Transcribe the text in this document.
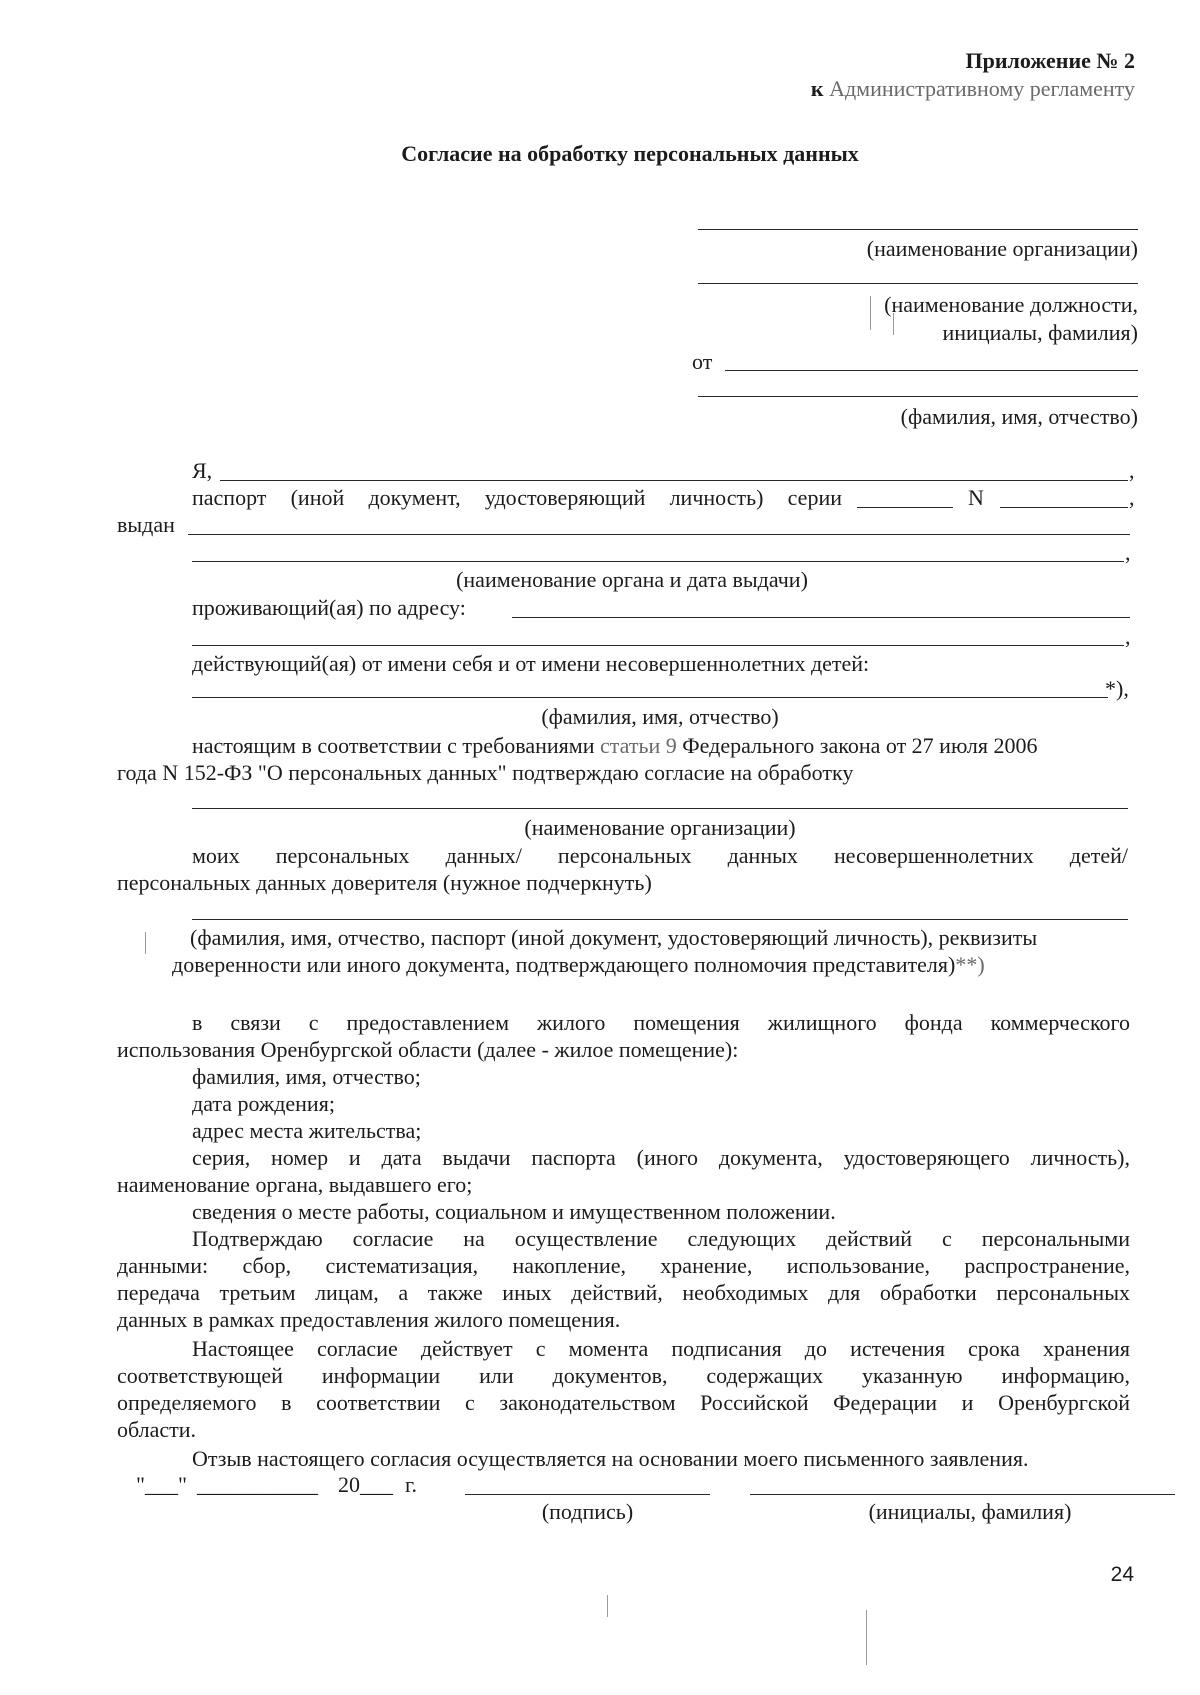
Приложение № 2
к Административному регламенту
Согласие на обработку персональных данных
(наименование организации)
(наименование должности,
инициалы, фамилия)
от
(фамилия, имя, отчество)
Я,	,
паспорт (иной документ, удостоверяющий личность) серии	N	,
выдан
,
(наименование органа и дата выдачи)
проживающий(ая) по адресу:
,
действующий(ая) от имени себя и от имени несовершеннолетних детей:
*),
(фамилия, имя, отчество)
настоящим в соответствии с требованиями статьи 9 Федерального закона от 27 июля 2006
года N 152-ФЗ "О персональных данных" подтверждаю согласие на обработку
(наименование организации)
моих персональных данных/ персональных данных несовершеннолетних детей/
персональных данных доверителя (нужное подчеркнуть)
(фамилия, имя, отчество, паспорт (иной документ, удостоверяющий личность), реквизиты
доверенности или иного документа, подтверждающего полномочия представителя)**)
в связи с предоставлением жилого помещения жилищного фонда коммерческого
использования Оренбургской области (далее - жилое помещение):
фамилия, имя, отчество;
дата рождения;
адрес места жительства;
серия, номер и дата выдачи паспорта (иного документа, удостоверяющего личность),
наименование органа, выдавшего его;
сведения о месте работы, социальном и имущественном положении.
Подтверждаю согласие на осуществление следующих действий с персональными
данными: сбор, систематизация, накопление, хранение, использование, распространение,
передача третьим лицам, а также иных действий, необходимых для обработки персональных
данных в рамках предоставления жилого помещения.
Настоящее согласие действует с момента подписания до истечения срока хранения
соответствующей информации или документов, содержащих указанную информацию,
определяемого в соответствии с законодательством Российской Федерации и Оренбургской
области.
Отзыв настоящего согласия осуществляется на основании моего письменного заявления.
"___" ___________ 20___ г.
(подпись)	(инициалы, фамилия)
24
